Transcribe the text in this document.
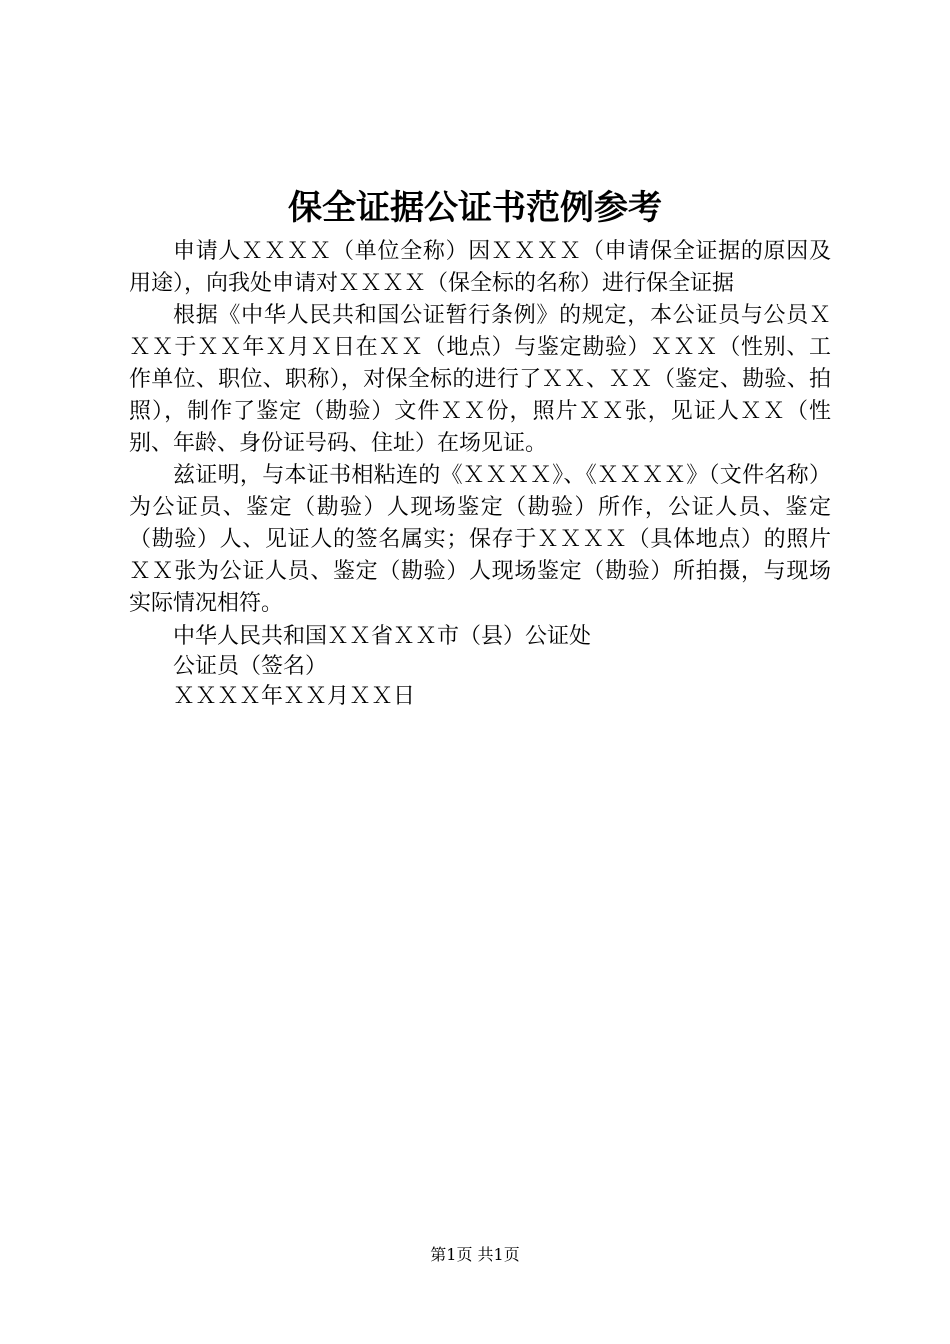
保全证据公证书范例参考

申请人ＸＸＸＸ（单位全称）因ＸＸＸＸ（申请保全证据的原因及用途），向我处申请对ＸＸＸＸ（保全标的名称）进行保全证据

根据《中华人民共和国公证暂行条例》的规定，本公证员与公员ＸＸＸ于ＸＸ年Ｘ月Ｘ日在ＸＸ（地点）与鉴定勘验）ＸＸＸ（性别、工作单位、职位、职称），对保全标的进行了ＸＸ、ＸＸ（鉴定、勘验、拍照），制作了鉴定（勘验）文件ＸＸ份，照片ＸＸ张，见证人ＸＸ（性别、年龄、身份证号码、住址）在场见证。

兹证明，与本证书相粘连的《ＸＸＸＸ》、《ＸＸＸＸ》（文件名称）为公证员、鉴定（勘验）人现场鉴定（勘验）所作，公证人员、鉴定（勘验）人、见证人的签名属实；保存于ＸＸＸＸ（具体地点）的照片ＸＸ张为公证人员、鉴定（勘验）人现场鉴定（勘验）所拍摄，与现场实际情况相符。

中华人民共和国ＸＸ省ＸＸ市（县）公证处

公证员（签名）

ＸＸＸＸ年ＸＸ月ＸＸ日

第1页 共1页
